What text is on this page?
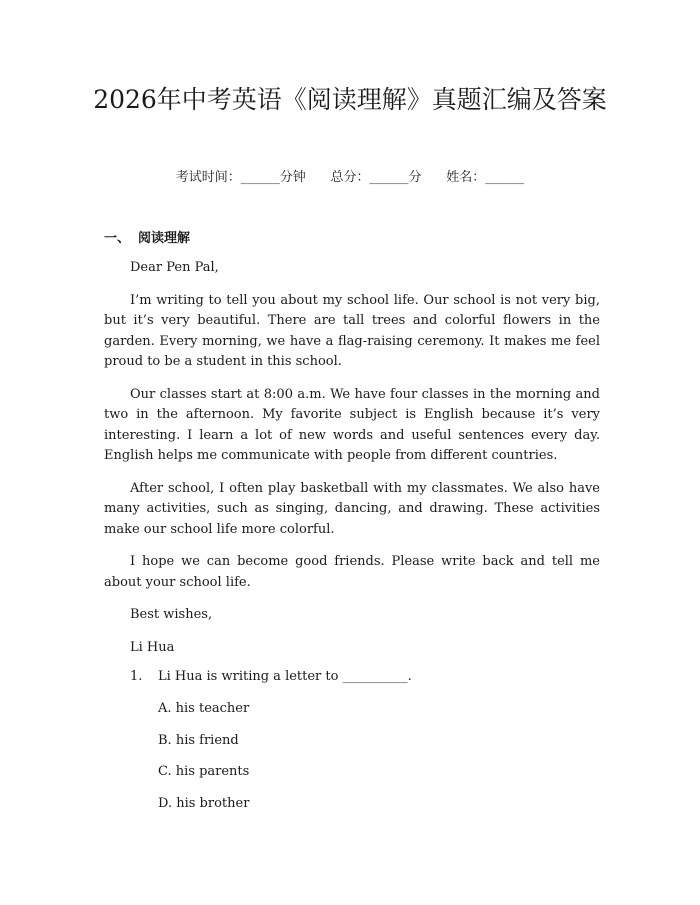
2026年中考英语《阅读理解》真题汇编及答案
考试时间：______分钟      总分：______分      姓名：______
一、 阅读理解

Dear Pen Pal,

I’m writing to tell you about my school life. Our school is not very big, but it’s very beautiful. There are tall trees and colorful flowers in the garden. Every morning, we have a flag-raising ceremony. It makes me feel proud to be a student in this school.

Our classes start at 8:00 a.m. We have four classes in the morning and two in the afternoon. My favorite subject is English because it’s very interesting. I learn a lot of new words and useful sentences every day. English helps me communicate with people from different countries.

After school, I often play basketball with my classmates. We also have many activities, such as singing, dancing, and drawing. These activities make our school life more colorful.

I hope we can become good friends. Please write back and tell me about your school life.

Best wishes,

Li Hua

1. Li Hua is writing a letter to __________.
A. his teacher
B. his friend
C. his parents
D. his brother
